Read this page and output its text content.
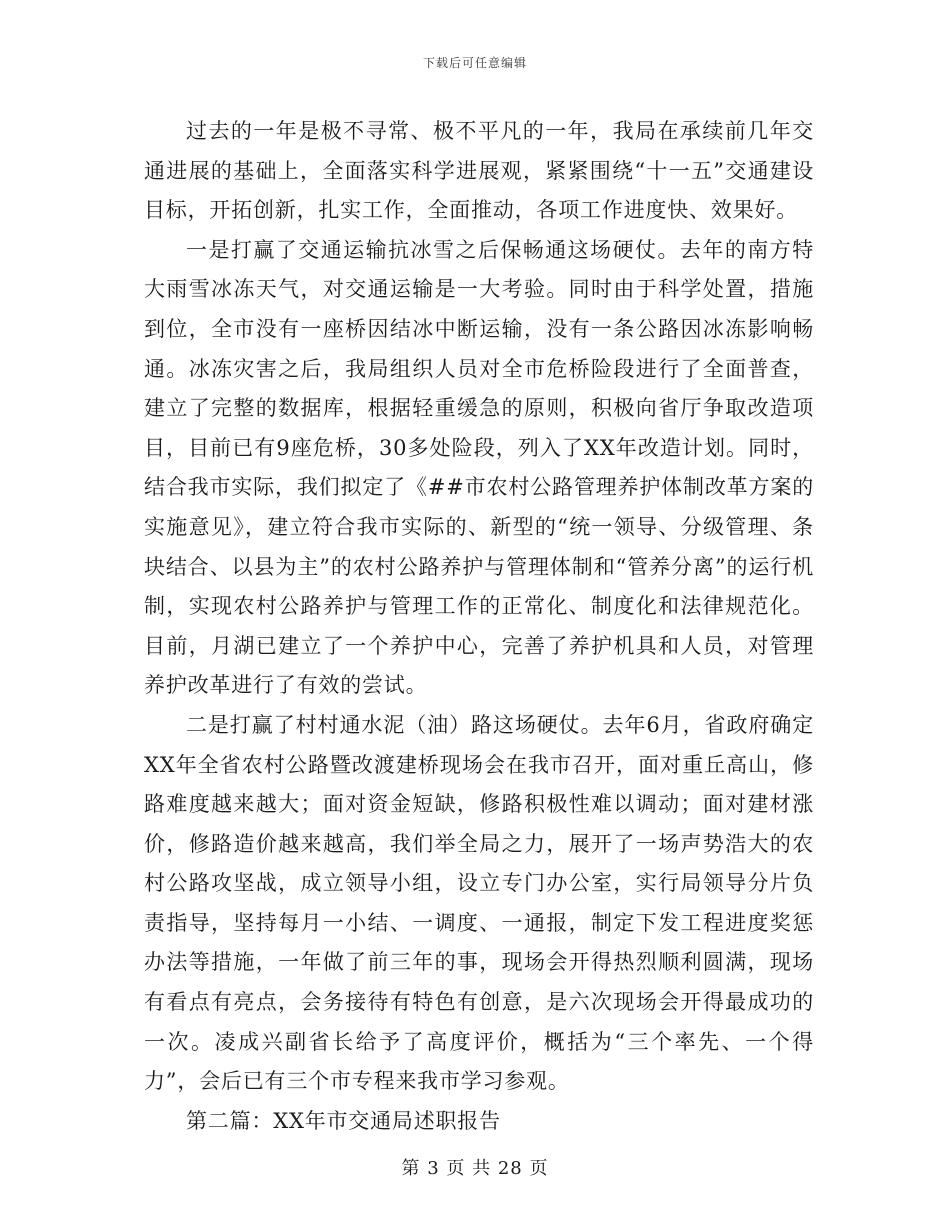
下载后可任意编辑

过去的一年是极不寻常、极不平凡的一年，我局在承续前几年交通进展的基础上，全面落实科学进展观，紧紧围绕“十一五”交通建设目标，开拓创新，扎实工作，全面推动，各项工作进度快、效果好。

一是打赢了交通运输抗冰雪之后保畅通这场硬仗。去年的南方特大雨雪冰冻天气，对交通运输是一大考验。同时由于科学处置，措施到位，全市没有一座桥因结冰中断运输，没有一条公路因冰冻影响畅通。冰冻灾害之后，我局组织人员对全市危桥险段进行了全面普查，建立了完整的数据库，根据轻重缓急的原则，积极向省厅争取改造项目，目前已有9座危桥，30多处险段，列入了XX年改造计划。同时，结合我市实际，我们拟定了《##市农村公路管理养护体制改革方案的实施意见》，建立符合我市实际的、新型的“统一领导、分级管理、条块结合、以县为主”的农村公路养护与管理体制和“管养分离”的运行机制，实现农村公路养护与管理工作的正常化、制度化和法律规范化。目前，月湖已建立了一个养护中心，完善了养护机具和人员，对管理养护改革进行了有效的尝试。

二是打赢了村村通水泥（油）路这场硬仗。去年6月，省政府确定XX年全省农村公路暨改渡建桥现场会在我市召开，面对重丘高山，修路难度越来越大；面对资金短缺，修路积极性难以调动；面对建材涨价，修路造价越来越高，我们举全局之力，展开了一场声势浩大的农村公路攻坚战，成立领导小组，设立专门办公室，实行局领导分片负责指导，坚持每月一小结、一调度、一通报，制定下发工程进度奖惩办法等措施，一年做了前三年的事，现场会开得热烈顺利圆满，现场有看点有亮点，会务接待有特色有创意，是六次现场会开得最成功的一次。凌成兴副省长给予了高度评价，概括为“三个率先、一个得力”，会后已有三个市专程来我市学习参观。

第二篇：XX年市交通局述职报告

第 3 页 共 28 页
